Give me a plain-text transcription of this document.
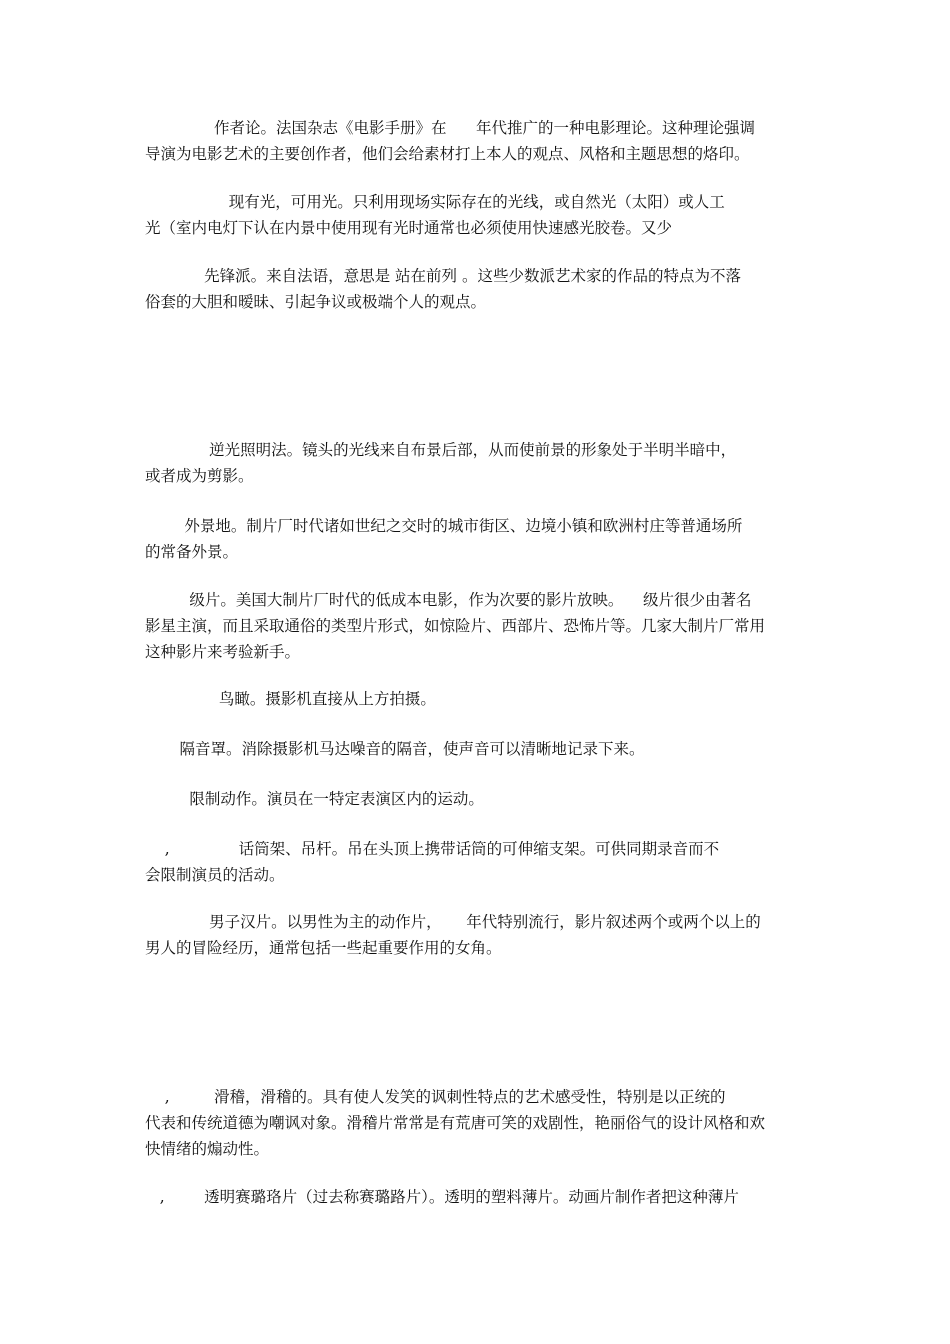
作者论。法国杂志《电影手册》在      年代推广的一种电影理论。这种理论强调
导演为电影艺术的主要创作者，他们会给素材打上本人的观点、风格和主题思想的烙印。
现有光，可用光。只利用现场实际存在的光线，或自然光（太阳）或人工
光（室内电灯下认在内景中使用现有光时通常也必须使用快速感光胶卷。又少
先锋派。来自法语，意思是 站在前列 。这些少数派艺术家的作品的特点为不落
俗套的大胆和暧昧、引起争议或极端个人的观点。
逆光照明法。镜头的光线来自布景后部，从而使前景的形象处于半明半暗中，
或者成为剪影。
外景地。制片厂时代诸如世纪之交时的城市街区、边境小镇和欧洲村庄等普通场所
的常备外景。
级片。美国大制片厂时代的低成本电影，作为次要的影片放映。    级片很少由著名
影星主演，而且采取通俗的类型片形式，如惊险片、西部片、恐怖片等。几家大制片厂常用
这种影片来考验新手。
鸟瞰。摄影机直接从上方拍摄。
隔音罩。消除摄影机马达噪音的隔音，使声音可以清晰地记录下来。
限制动作。演员在一特定表演区内的运动。
,              话筒架、吊杆。吊在头顶上携带话筒的可伸缩支架。可供同期录音而不
会限制演员的活动。
男子汉片。以男性为主的动作片，     年代特别流行，影片叙述两个或两个以上的
男人的冒险经历，通常包括一些起重要作用的女角。
,         滑稽，滑稽的。具有使人发笑的讽刺性特点的艺术感受性，特别是以正统的
代表和传统道德为嘲讽对象。滑稽片常常是有荒唐可笑的戏剧性，艳丽俗气的设计风格和欢
快情绪的煽动性。
,        透明赛璐珞片（过去称赛璐路片）。透明的塑料薄片。动画片制作者把这种薄片
